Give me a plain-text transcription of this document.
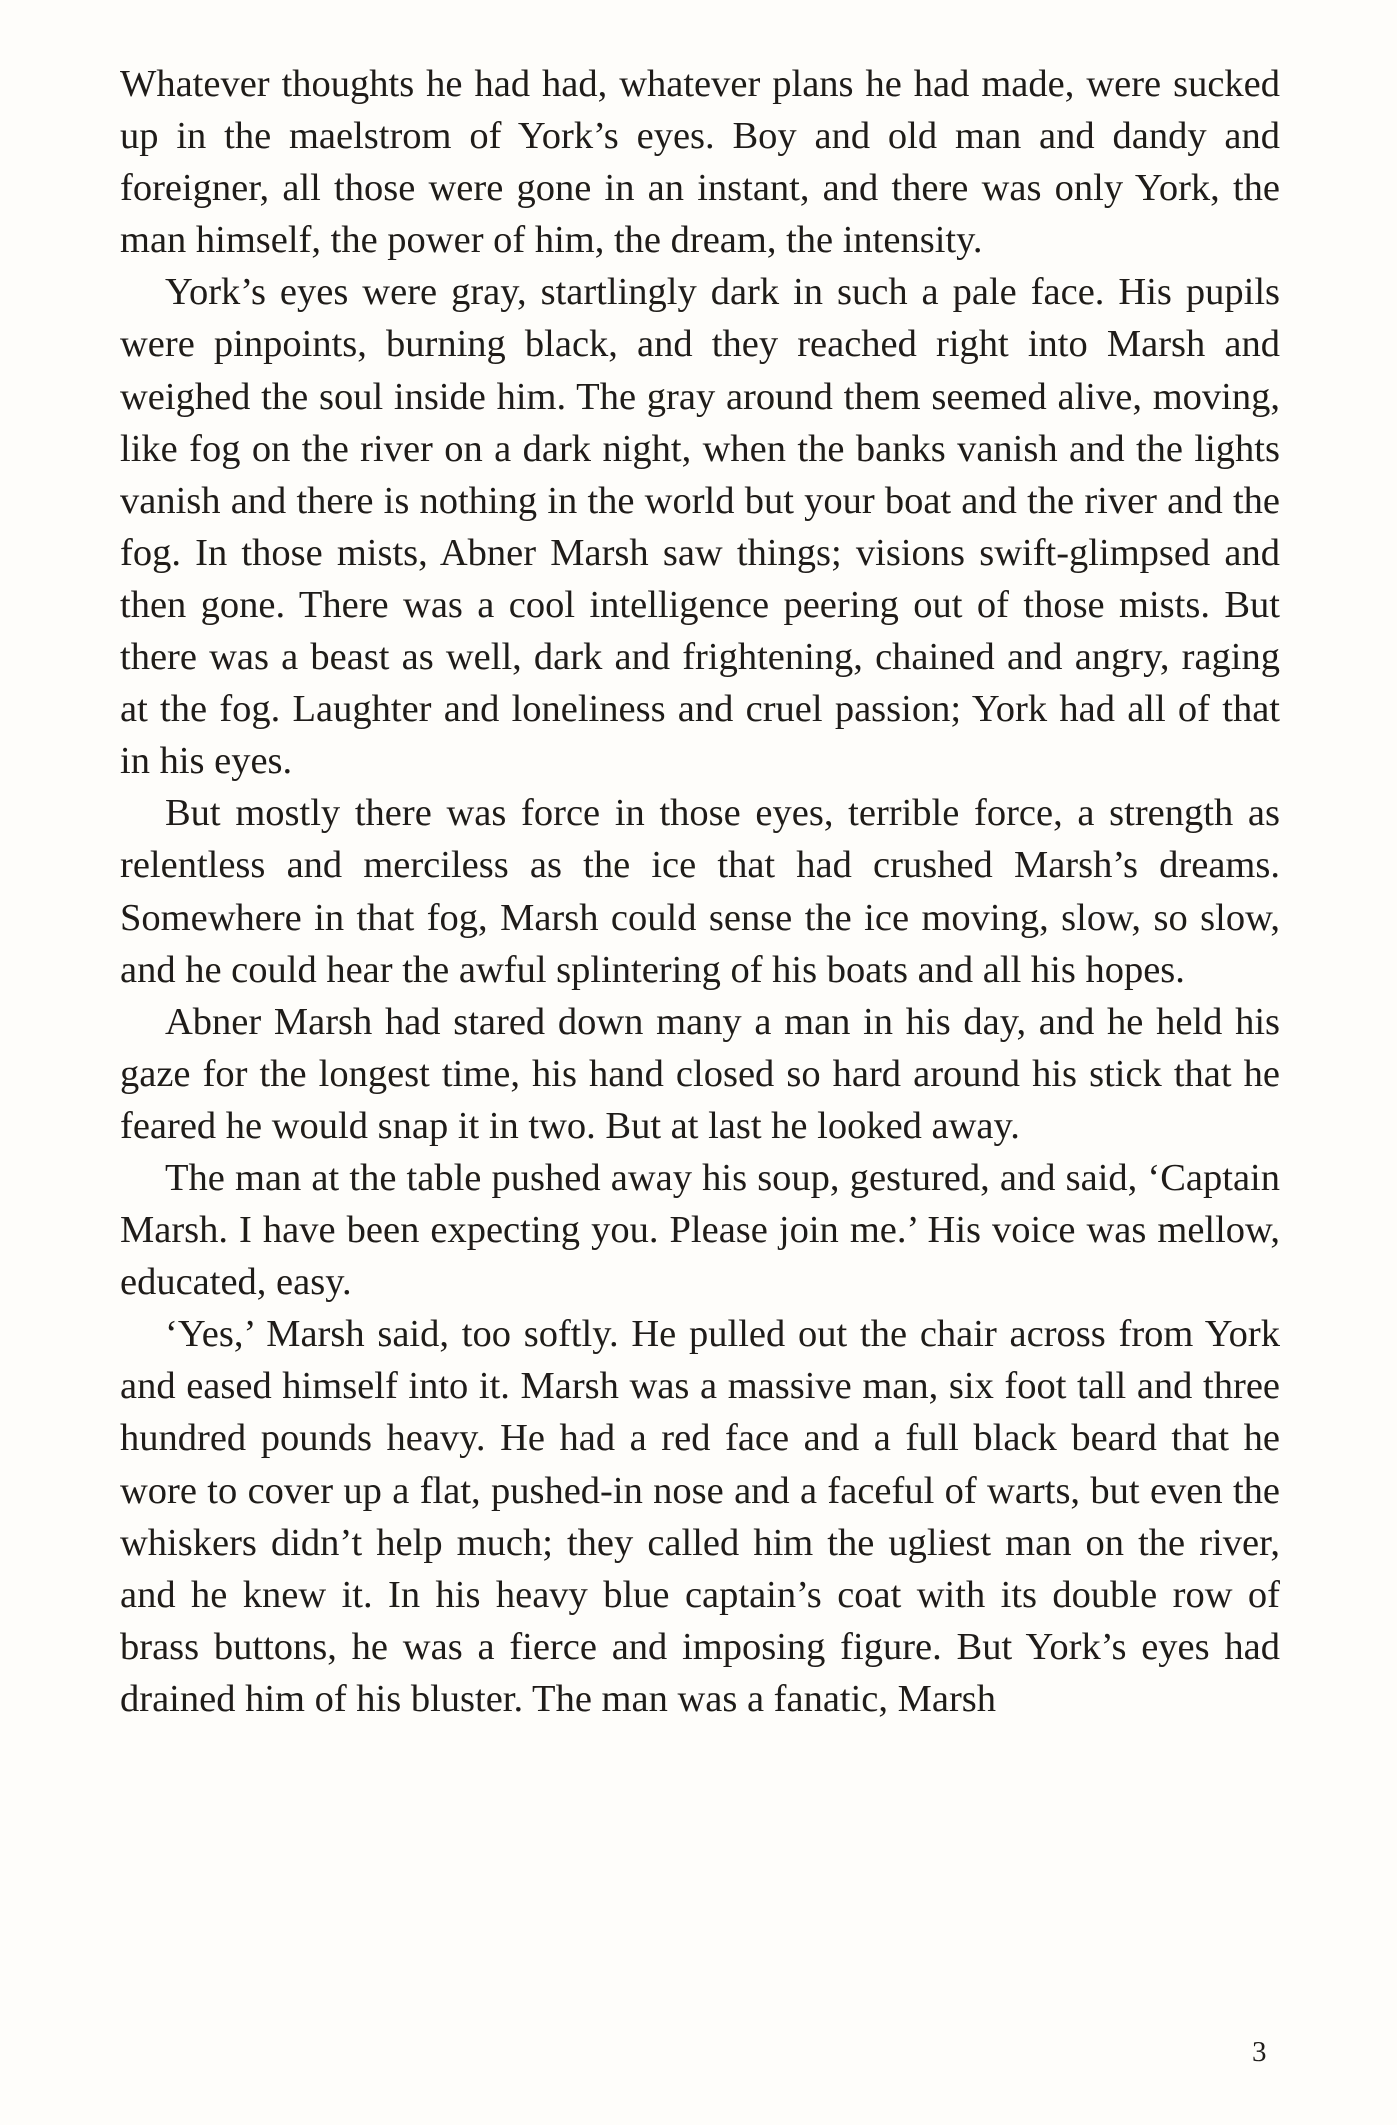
Whatever thoughts he had had, whatever plans he had made, were sucked up in the maelstrom of York’s eyes. Boy and old man and dandy and foreigner, all those were gone in an instant, and there was only York, the man himself, the power of him, the dream, the intensity.

York’s eyes were gray, startlingly dark in such a pale face. His pupils were pinpoints, burning black, and they reached right into Marsh and weighed the soul inside him. The gray around them seemed alive, moving, like fog on the river on a dark night, when the banks vanish and the lights vanish and there is nothing in the world but your boat and the river and the fog. In those mists, Abner Marsh saw things; visions swift-glimpsed and then gone. There was a cool intelligence peering out of those mists. But there was a beast as well, dark and frightening, chained and angry, raging at the fog. Laughter and loneliness and cruel passion; York had all of that in his eyes.

But mostly there was force in those eyes, terrible force, a strength as relentless and merciless as the ice that had crushed Marsh’s dreams. Somewhere in that fog, Marsh could sense the ice moving, slow, so slow, and he could hear the awful splintering of his boats and all his hopes.

Abner Marsh had stared down many a man in his day, and he held his gaze for the longest time, his hand closed so hard around his stick that he feared he would snap it in two. But at last he looked away.

The man at the table pushed away his soup, gestured, and said, ‘Captain Marsh. I have been expecting you. Please join me.’ His voice was mellow, educated, easy.

‘Yes,’ Marsh said, too softly. He pulled out the chair across from York and eased himself into it. Marsh was a massive man, six foot tall and three hundred pounds heavy. He had a red face and a full black beard that he wore to cover up a flat, pushed-in nose and a faceful of warts, but even the whiskers didn’t help much; they called him the ugliest man on the river, and he knew it. In his heavy blue captain’s coat with its double row of brass buttons, he was a fierce and imposing figure. But York’s eyes had drained him of his bluster. The man was a fanatic, Marsh

3
